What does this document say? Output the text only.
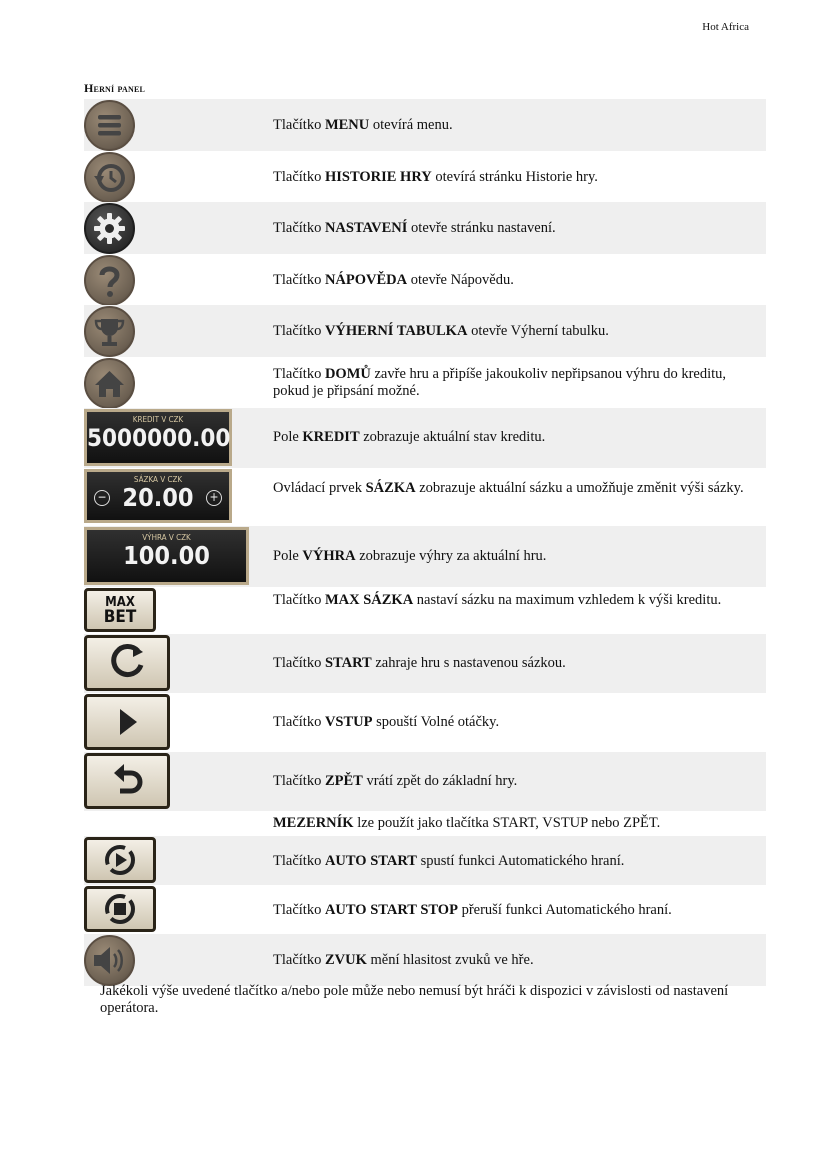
Hot Africa
Herní panel
Tlačítko MENU otevírá menu.
Tlačítko HISTORIE HRY otevírá stránku Historie hry.
Tlačítko NASTAVENÍ otevře stránku nastavení.
Tlačítko NÁPOVĚDA otevře Nápovědu.
Tlačítko VÝHERNÍ TABULKA otevře Výherní tabulku.
Tlačítko DOMŮ zavře hru a připíše jakoukoliv nepřipsanou výhru do kreditu, pokud je připsání možné.
KREDIT V CZK
5000000.00	Pole KREDIT zobrazuje aktuální stav kreditu.
SÁZKA V CZK
− 20.00 +
Ovládací prvek SÁZKA zobrazuje aktuální sázku a umožňuje změnit výši sázky.
VÝHRA V CZK
100.00	Pole VÝHRA zobrazuje výhry za aktuální hru.
MAX
BET
Tlačítko MAX SÁZKA nastaví sázku na maximum vzhledem k výši kreditu.
Tlačítko START zahraje hru s nastavenou sázkou.
Tlačítko VSTUP spouští Volné otáčky.
Tlačítko ZPĚT vrátí zpět do základní hry.
MEZERNÍK lze použít jako tlačítka START, VSTUP nebo ZPĚT.
Tlačítko AUTO START spustí funkci Automatického hraní.
Tlačítko AUTO START STOP přeruší funkci Automatického hraní.
Tlačítko ZVUK mění hlasitost zvuků ve hře.
Jakékoli výše uvedené tlačítko a/nebo pole může nebo nemusí být hráči k dispozici v závislosti od nastavení operátora.
